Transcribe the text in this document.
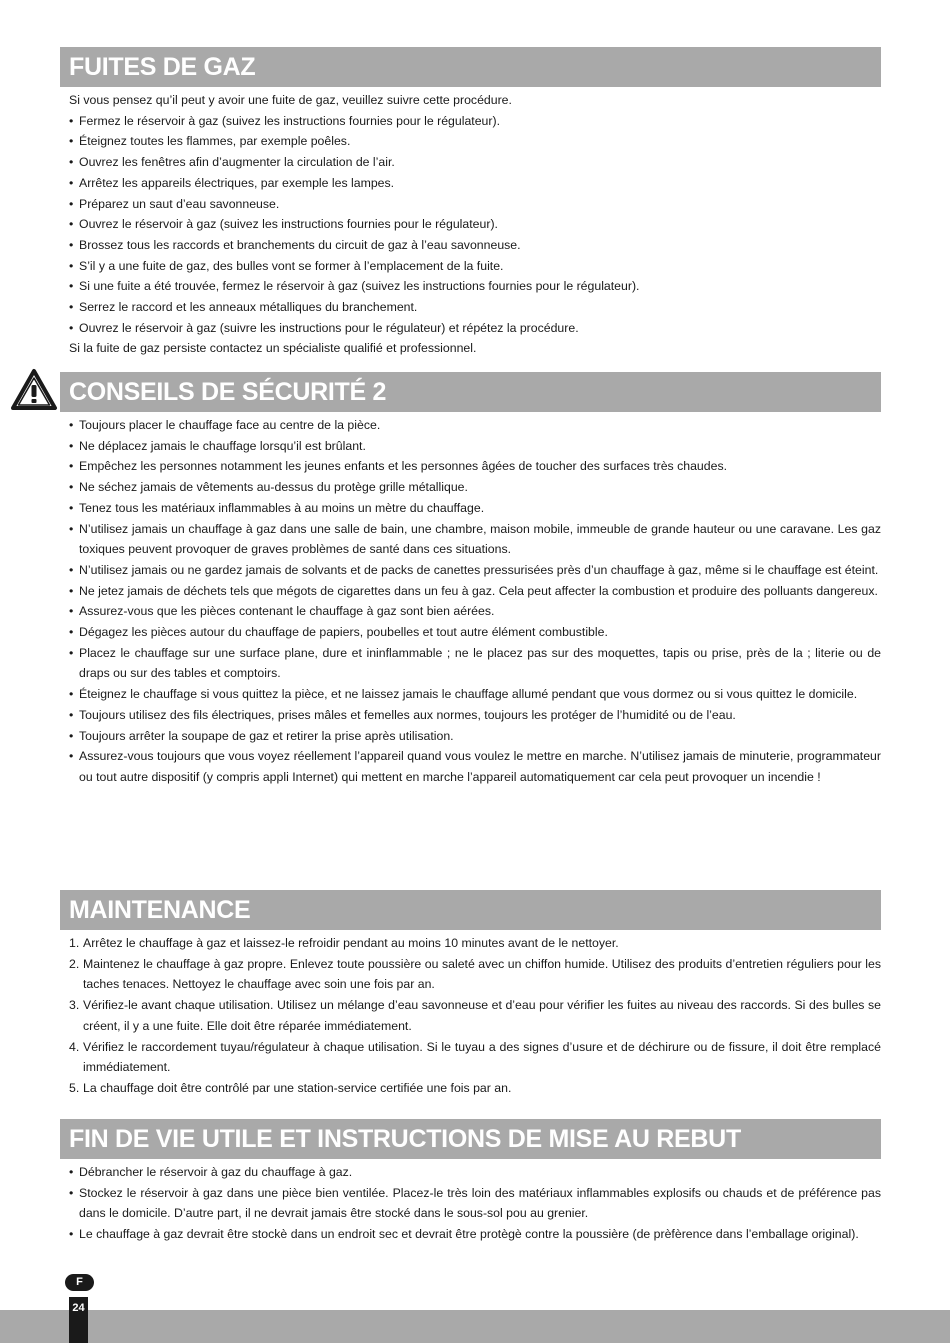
FUITES DE GAZ

Si vous pensez qu’il peut y avoir une fuite de gaz, veuillez suivre cette procédure.

• Fermez le réservoir à gaz (suivez les instructions fournies pour le régulateur).
• Éteignez toutes les flammes, par exemple poêles.
• Ouvrez les fenêtres afin d’augmenter la circulation de l’air.
• Arrêtez les appareils électriques, par exemple les lampes.
• Préparez un saut d’eau savonneuse.
• Ouvrez le réservoir à gaz (suivez les instructions fournies pour le régulateur).
• Brossez tous les raccords et branchements du circuit de gaz à l’eau savonneuse.
• S’il y a une fuite de gaz, des bulles vont se former à l’emplacement de la fuite.
• Si une fuite a été trouvée, fermez le réservoir à gaz (suivez les instructions fournies pour le régulateur).
• Serrez le raccord et les anneaux métalliques du branchement.
• Ouvrez le réservoir à gaz (suivre les instructions pour le régulateur) et répétez la procédure.

Si la fuite de gaz persiste contactez un spécialiste qualifié et professionnel.

CONSEILS DE SÉCURITÉ 2
• Toujours placer le chauffage face au centre de la pièce.
• Ne déplacez jamais le chauffage lorsqu’il est brûlant.
• Empêchez les personnes notamment les jeunes enfants et les personnes âgées de toucher des surfaces très chaudes.
• Ne séchez jamais de vêtements au-dessus du protège grille métallique.
• Tenez tous les matériaux inflammables à au moins un mètre du chauffage.
• N’utilisez jamais un chauffage à gaz dans une salle de bain, une chambre, maison mobile, immeuble de grande hauteur ou une caravane. Les gaz toxiques peuvent provoquer de graves problèmes de santé dans ces situations.
• N’utilisez jamais ou ne gardez jamais de solvants et de packs de canettes pressurisées près d’un chauffage à gaz, même si le chauffage est éteint.
• Ne jetez jamais de déchets tels que mégots de cigarettes dans un feu à gaz. Cela peut affecter la combustion et produire des polluants dangereux.
• Assurez-vous que les pièces contenant le chauffage à gaz sont bien aérées.
• Dégagez les pièces autour du chauffage de papiers, poubelles et tout autre élément combustible.
• Placez le chauffage sur une surface plane, dure et ininflammable ; ne le placez pas sur des moquettes, tapis ou prise, près de la ; literie ou de draps ou sur des tables et comptoirs.
• Éteignez le chauffage si vous quittez la pièce, et ne laissez jamais le chauffage allumé pendant que vous dormez ou si vous quittez le domicile.
• Toujours utilisez des fils électriques, prises mâles et femelles aux normes, toujours les protéger de l’humidité ou de l’eau.
• Toujours arrêter la soupape de gaz et retirer la prise après utilisation.
• Assurez-vous toujours que vous voyez réellement l’appareil quand vous voulez le mettre en marche. N’utilisez jamais de minuterie, programmateur ou tout autre dispositif (y compris appli Internet) qui mettent en marche l’appareil automatiquement car cela peut provoquer un incendie !
MAINTENANCE
1. Arrêtez le chauffage à gaz et laissez-le refroidir pendant au moins 10 minutes avant de le nettoyer.
2. Maintenez le chauffage à gaz propre. Enlevez toute poussière ou saleté avec un chiffon humide. Utilisez des produits d’entretien réguliers pour les taches tenaces. Nettoyez le chauffage avec soin une fois par an.
3. Vérifiez-le avant chaque utilisation. Utilisez un mélange d’eau savonneuse et d’eau pour vérifier les fuites au niveau des raccords. Si des bulles se créent, il y a une fuite. Elle doit être réparée immédiatement.
4. Vérifiez le raccordement tuyau/régulateur à chaque utilisation. Si le tuyau a des signes d’usure et de déchirure ou de fissure, il doit être remplacé immédiatement.
5. La chauffage doit être contrôlé par une station-service certifiée une fois par an.
FIN DE VIE UTILE ET INSTRUCTIONS DE MISE AU REBUT
• Débrancher le réservoir à gaz du chauffage à gaz.
• Stockez le réservoir à gaz dans une pièce bien ventilée. Placez-le très loin des matériaux inflammables explosifs ou chauds et de préférence pas dans le domicile. D’autre part, il ne devrait jamais être stocké dans le sous-sol pou au grenier.
• Le chauffage à gaz devrait être stockè dans un endroit sec et devrait être protègè contre la poussière (de prèfèrence dans l’emballage original).
F
24
